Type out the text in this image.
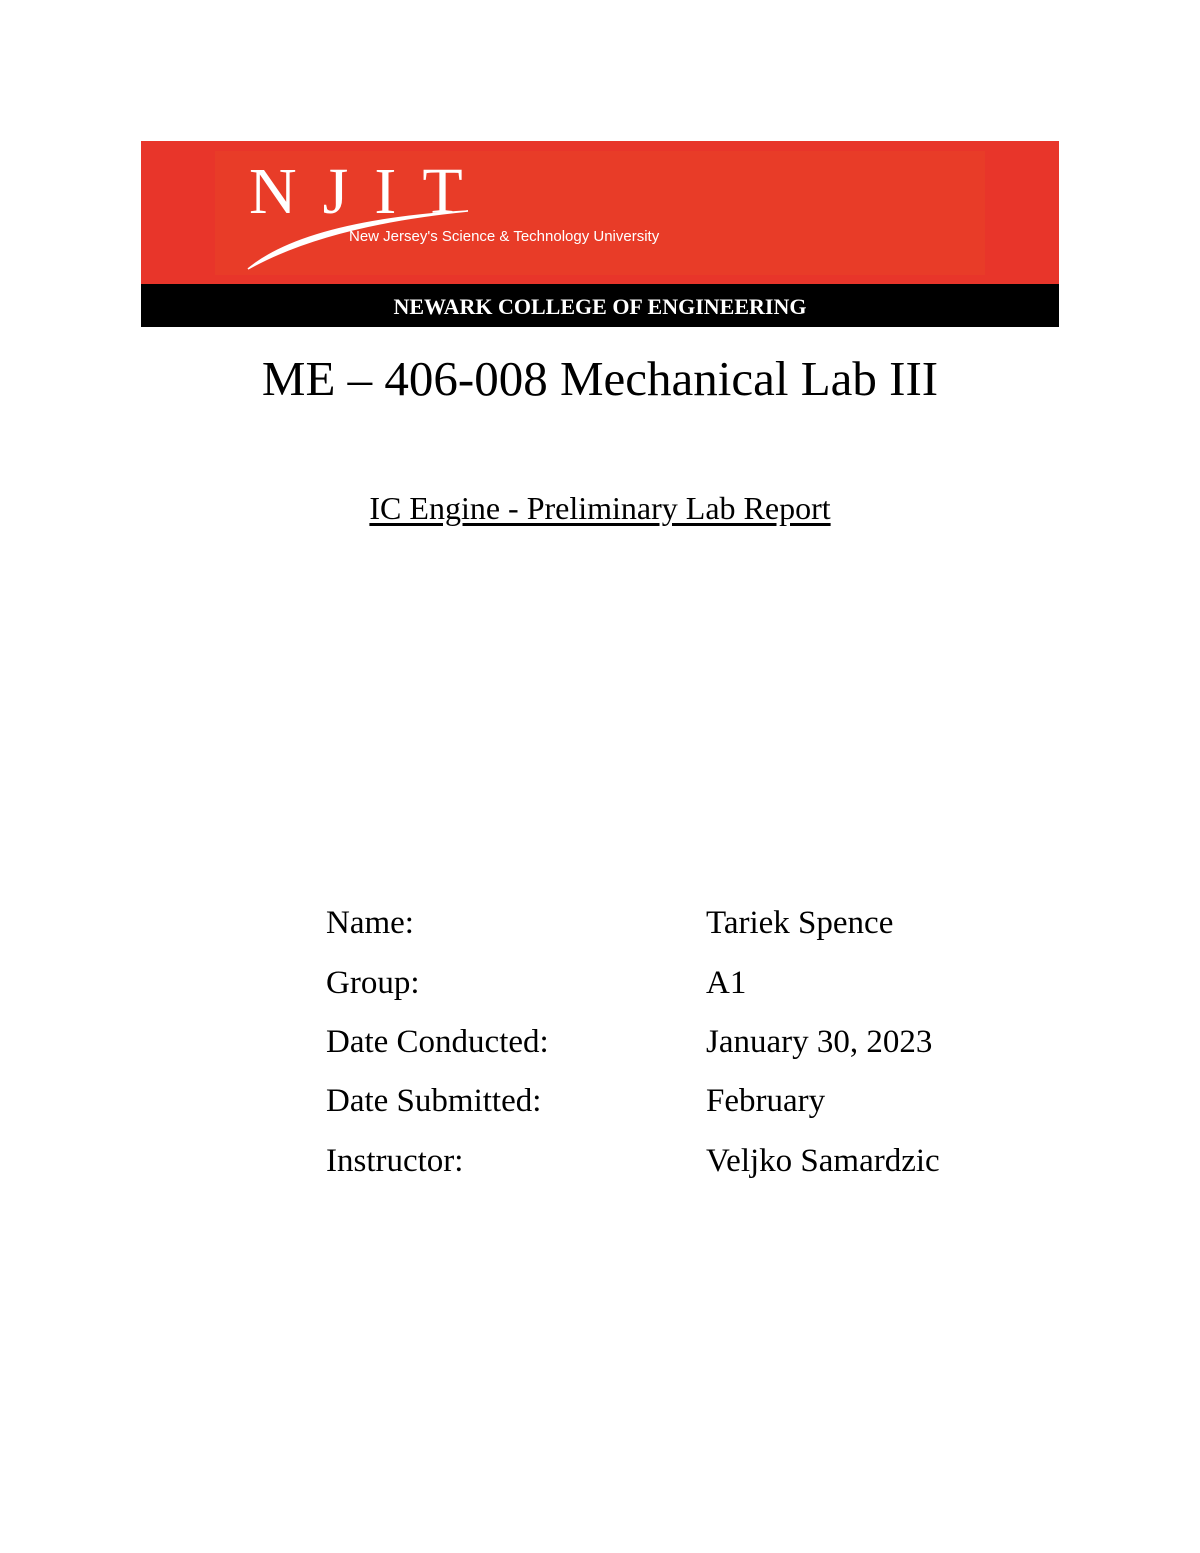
NJIT
New Jersey's Science & Technology University
NEWARK COLLEGE OF ENGINEERING
ME – 406-008 Mechanical Lab III
IC Engine - Preliminary Lab Report
Name:	Tariek Spence
Group:	A1
Date Conducted:	January 30, 2023
Date Submitted:	February
Instructor:	Veljko Samardzic
